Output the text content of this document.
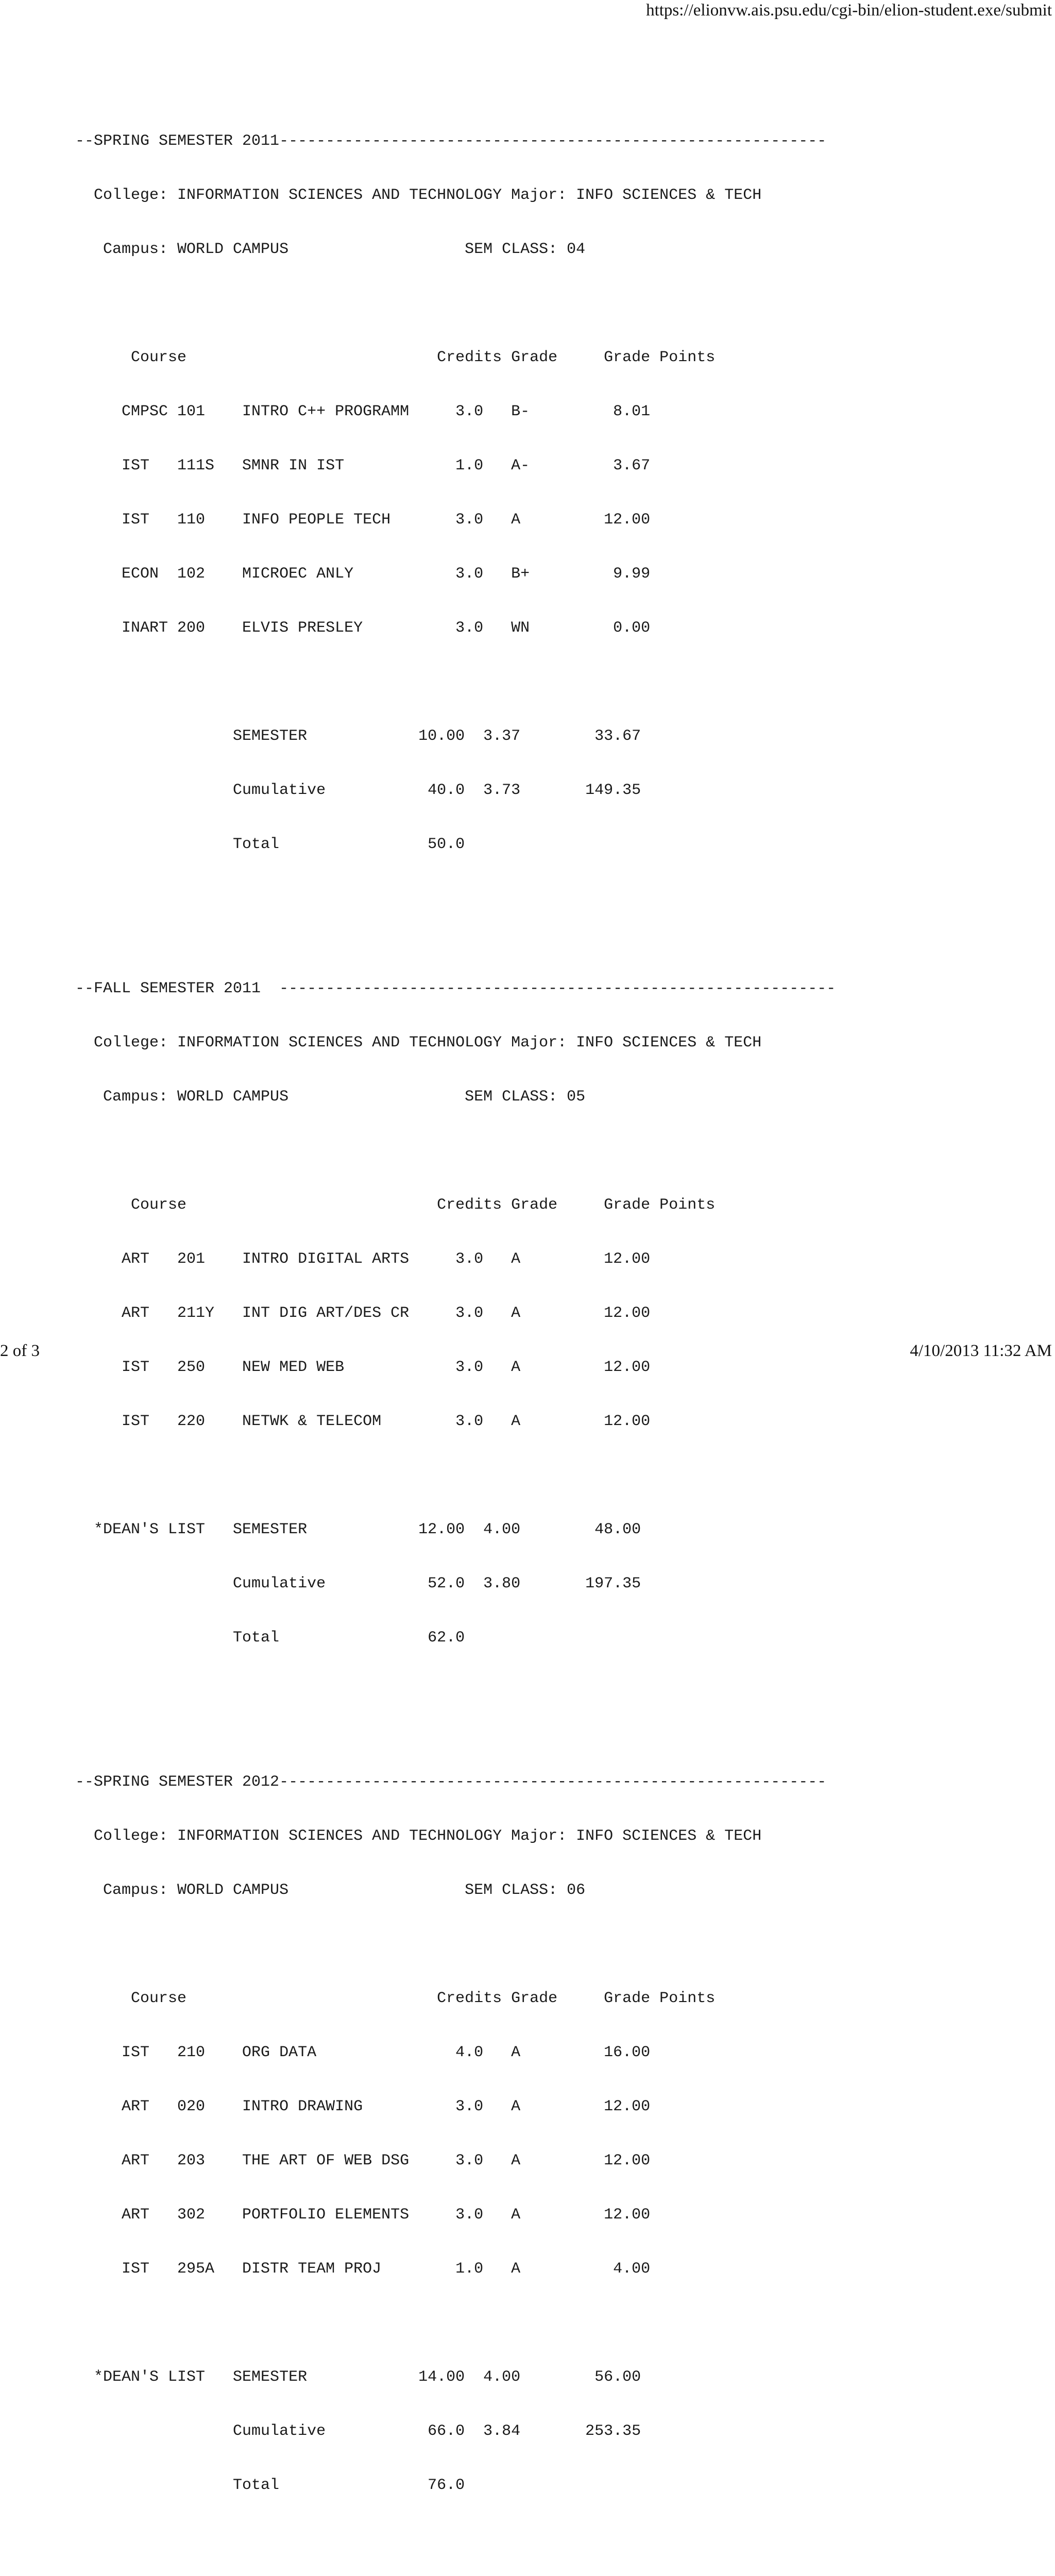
https://elionvw.ais.psu.edu/cgi-bin/elion-student.exe/submit

--SPRING SEMESTER 2011-----------------------------------------------------------

College: INFORMATION SCIENCES AND TECHNOLOGY Major: INFO SCIENCES & TECH

Campus: WORLD CAMPUS                   SEM CLASS: 04

Course                           Credits Grade     Grade Points

CMPSC 101    INTRO C++ PROGRAMM     3.0   B-         8.01

IST   111S   SMNR IN IST            1.0   A-         3.67

IST   110    INFO PEOPLE TECH       3.0   A         12.00

ECON  102    MICROEC ANLY           3.0   B+         9.99

INART 200    ELVIS PRESLEY          3.0   WN         0.00

SEMESTER            10.00  3.37        33.67

Cumulative           40.0  3.73       149.35

Total                50.0

--FALL SEMESTER 2011  ------------------------------------------------------------

College: INFORMATION SCIENCES AND TECHNOLOGY Major: INFO SCIENCES & TECH

Campus: WORLD CAMPUS                   SEM CLASS: 05

Course                           Credits Grade     Grade Points

ART   201    INTRO DIGITAL ARTS     3.0   A         12.00

ART   211Y   INT DIG ART/DES CR     3.0   A         12.00

IST   250    NEW MED WEB            3.0   A         12.00

IST   220    NETWK & TELECOM        3.0   A         12.00

*DEAN'S LIST   SEMESTER            12.00  4.00        48.00

Cumulative           52.0  3.80       197.35

Total                62.0

--SPRING SEMESTER 2012-----------------------------------------------------------

College: INFORMATION SCIENCES AND TECHNOLOGY Major: INFO SCIENCES & TECH

Campus: WORLD CAMPUS                   SEM CLASS: 06

Course                           Credits Grade     Grade Points

IST   210    ORG DATA               4.0   A         16.00

ART   020    INTRO DRAWING          3.0   A         12.00

ART   203    THE ART OF WEB DSG     3.0   A         12.00

ART   302    PORTFOLIO ELEMENTS     3.0   A         12.00

IST   295A   DISTR TEAM PROJ        1.0   A          4.00

*DEAN'S LIST   SEMESTER            14.00  4.00        56.00

Cumulative           66.0  3.84       253.35

Total                76.0

2 of 3	4/10/2013 11:32 AM
